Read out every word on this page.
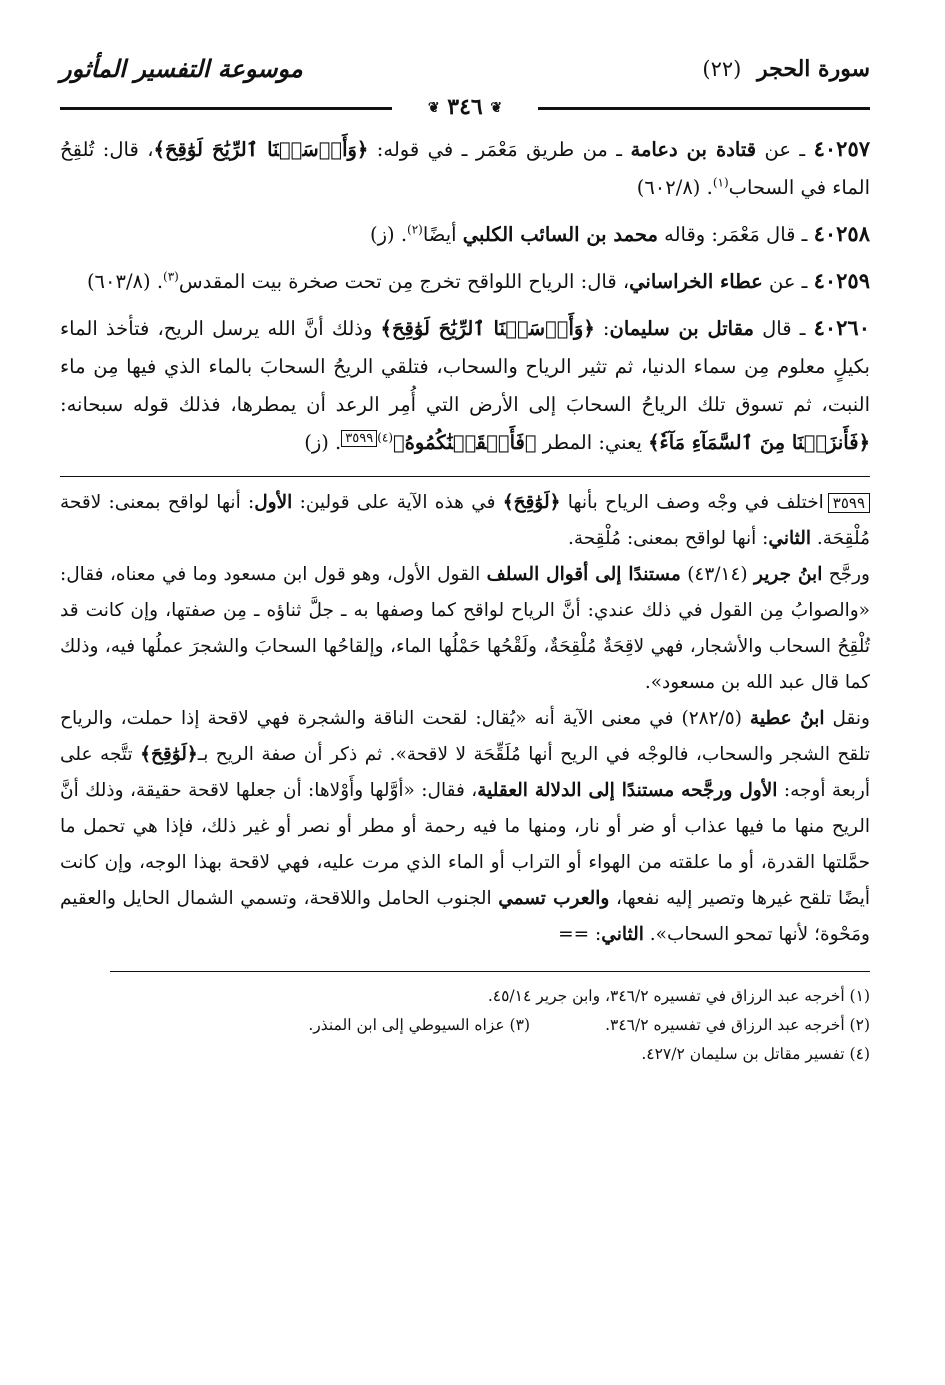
سورة الحجر (٢٢)
موسوعة التفسير المأثور
❦ ٣٤٦ ❦
٤٠٢٥٧ ـ عن قتادة بن دعامة ـ من طريق مَعْمَر ـ في قوله: ﴿وَأَرۡسَلۡنَا ٱلرِّيَٰحَ لَوَٰقِحَ﴾، قال: تُلقِحُ الماء في السحاب$^{(١)}$. (٦٠٢/٨)
٤٠٢٥٨ ـ قال مَعْمَر: وقاله محمد بن السائب الكلبي أيضًا$^{(٢)}$. (ز)
٤٠٢٥٩ ـ عن عطاء الخراساني، قال: الرياح اللواقح تخرج مِن تحت صخرة بيت المقدس$^{(٣)}$. (٦٠٣/٨)
٤٠٢٦٠ ـ قال مقاتل بن سليمان: ﴿وَأَرۡسَلۡنَا ٱلرِّيَٰحَ لَوَٰقِحَ﴾ وذلك أنَّ الله يرسل الريح، فتأخذ الماء بكيلٍ معلوم مِن سماء الدنيا، ثم تثير الرياح والسحاب، فتلقي الريحُ السحابَ بالماء الذي فيها مِن ماء النبت، ثم تسوق تلك الرياحُ السحابَ إلى الأرض التي أُمِر الرعد أن يمطرها، فذلك قوله سبحانه: ﴿فَأَنزَلۡنَا مِنَ ٱلسَّمَآءِ مَآءٗ﴾ يعني: المطر ﴿فَأَسۡقَيۡنَٰكُمُوهُ﴾$^{(٤)٣٥٩٩}$. (ز)

٣٥٩٩اختلف في وجْه وصف الرياح بأنها ﴿لَوَٰقِحَ﴾ في هذه الآية على قولين: الأول: أنها لواقح بمعنى: لاقحة مُلْقِحَة. الثاني: أنها لواقح بمعنى: مُلْقِحة.

ورجَّح ابنُ جرير (٤٣/١٤) مستندًا إلى أقوال السلف القول الأول، وهو قول ابن مسعود وما في معناه، فقال: «والصوابُ مِن القول في ذلك عندي: أنَّ الرياح لواقح كما وصفها به ـ جلَّ ثناؤه ـ مِن صفتها، وإن كانت قد تُلْقِحُ السحاب والأشجار، فهي لاقِحَةٌ مُلْقِحَةٌ، ولَقْحُها حَمْلُها الماء، وإلقاحُها السحابَ والشجرَ عملُها فيه، وذلك كما قال عبد الله بن مسعود».

ونقل ابنُ عطية (٢٨٢/٥) في معنى الآية أنه «يُقال: لقحت الناقة والشجرة فهي لاقحة إذا حملت، والرياح تلقح الشجر والسحاب، فالوجْه في الريح أنها مُلَقِّحَة لا لاقحة». ثم ذكر أن صفة الريح بـ﴿لَوَٰقِحَ﴾ تتَّجه على أربعة أوجه: الأول ورجَّحه مستندًا إلى الدلالة العقلية، فقال: «أوَّلها وأَوْلاها: أن جعلها لاقحة حقيقة، وذلك أنَّ الريح منها ما فيها عذاب أو ضر أو نار، ومنها ما فيه رحمة أو مطر أو نصر أو غير ذلك، فإذا هي تحمل ما حمَّلتها القدرة، أو ما علقته من الهواء أو التراب أو الماء الذي مرت عليه، فهي لاقحة بهذا الوجه، وإن كانت أيضًا تلقح غيرها وتصير إليه نفعها، والعرب تسمي الجنوب الحامل واللاقحة، وتسمي الشمال الحايل والعقيم ومَحْوة؛ لأنها تمحو السحاب». الثاني: ==

(١) أخرجه عبد الرزاق في تفسيره ٣٤٦/٢، وابن جرير ٤٥/١٤.
(٢) أخرجه عبد الرزاق في تفسيره ٣٤٦/٢.
(٣) عزاه السيوطي إلى ابن المنذر.
(٤) تفسير مقاتل بن سليمان ٤٢٧/٢.
